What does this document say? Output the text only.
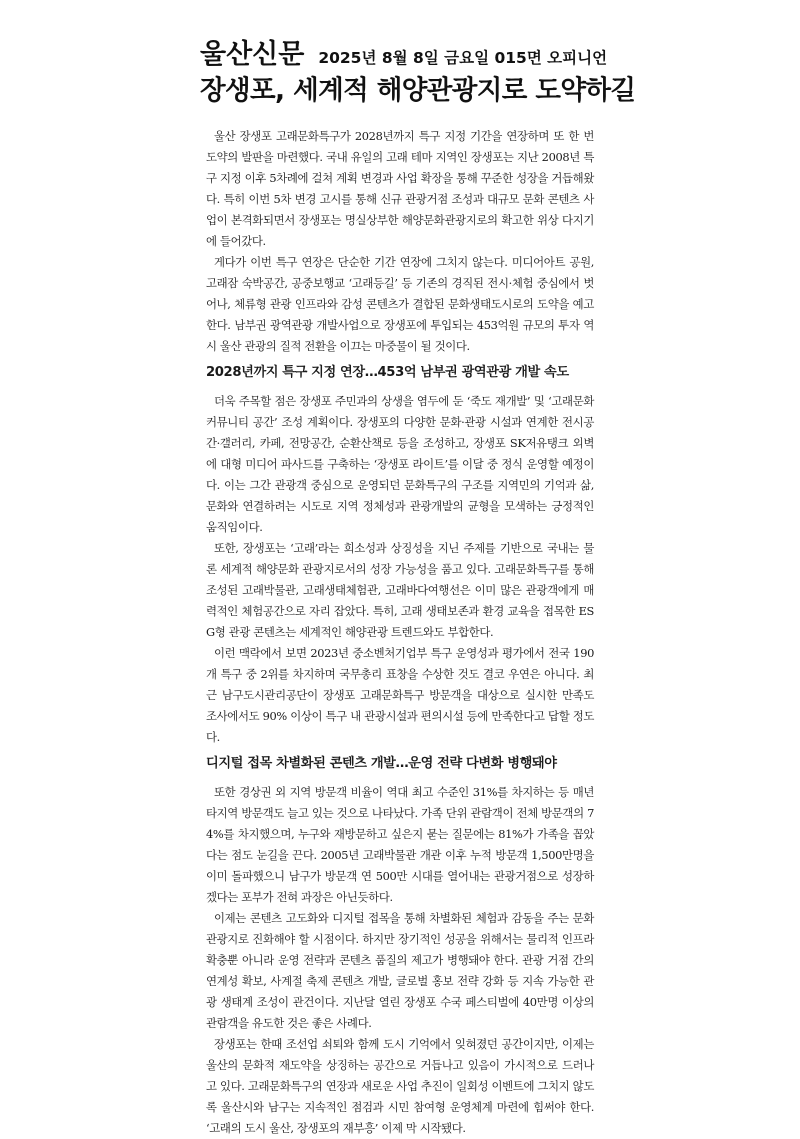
울산신문 2025년 8월 8일 금요일 015면 오피니언
장생포, 세계적 해양관광지로 도약하길

울산 장생포 고래문화특구가 2028년까지 특구 지정 기간을 연장하며 또 한 번 도약의 발판을 마련했다. 국내 유일의 고래 테마 지역인 장생포는 지난 2008년 특구 지정 이후 5차례에 걸쳐 계획 변경과 사업 확장을 통해 꾸준한 성장을 거듭해왔다. 특히 이번 5차 변경 고시를 통해 신규 관광거점 조성과 대규모 문화 콘텐츠 사업이 본격화되면서 장생포는 명실상부한 해양문화관광지로의 확고한 위상 다지기에 들어갔다.

게다가 이번 특구 연장은 단순한 기간 연장에 그치지 않는다. 미디어아트 공원, 고래잠 숙박공간, 공중보행교 ‘고래등길’ 등 기존의 경직된 전시·체험 중심에서 벗어나, 체류형 관광 인프라와 감성 콘텐츠가 결합된 문화생태도시로의 도약을 예고한다. 남부권 광역관광 개발사업으로 장생포에 투입되는 453억원 규모의 투자 역시 울산 관광의 질적 전환을 이끄는 마중물이 될 것이다.

2028년까지 특구 지정 연장…453억 남부권 광역관광 개발 속도

더욱 주목할 점은 장생포 주민과의 상생을 염두에 둔 ‘죽도 재개발’ 및 ‘고래문화 커뮤니티 공간’ 조성 계획이다. 장생포의 다양한 문화·관광 시설과 연계한 전시공간·갤러리, 카페, 전망공간, 순환산책로 등을 조성하고, 장생포 SK저유탱크 외벽에 대형 미디어 파사드를 구축하는 ‘장생포 라이트’를 이달 중 정식 운영할 예정이다. 이는 그간 관광객 중심으로 운영되던 문화특구의 구조를 지역민의 기억과 삶, 문화와 연결하려는 시도로 지역 정체성과 관광개발의 균형을 모색하는 긍정적인 움직임이다.

또한, 장생포는 ‘고래’라는 희소성과 상징성을 지닌 주제를 기반으로 국내는 물론 세계적 해양문화 관광지로서의 성장 가능성을 품고 있다. 고래문화특구를 통해 조성된 고래박물관, 고래생태체험관, 고래바다여행선은 이미 많은 관광객에게 매력적인 체험공간으로 자리 잡았다. 특히, 고래 생태보존과 환경 교육을 접목한 ESG형 관광 콘텐츠는 세계적인 해양관광 트렌드와도 부합한다.

이런 맥락에서 보면 2023년 중소벤처기업부 특구 운영성과 평가에서 전국 190개 특구 중 2위를 차지하며 국무총리 표창을 수상한 것도 결코 우연은 아니다. 최근 남구도시관리공단이 장생포 고래문화특구 방문객을 대상으로 실시한 만족도 조사에서도 90% 이상이 특구 내 관광시설과 편의시설 등에 만족한다고 답할 정도다.

디지털 접목 차별화된 콘텐츠 개발…운영 전략 다변화 병행돼야

또한 경상권 외 지역 방문객 비율이 역대 최고 수준인 31%를 차지하는 등 매년 타지역 방문객도 늘고 있는 것으로 나타났다. 가족 단위 관람객이 전체 방문객의 74%를 차지했으며, 누구와 재방문하고 싶은지 묻는 질문에는 81%가 가족을 꼽았다는 점도 눈길을 끈다. 2005년 고래박물관 개관 이후 누적 방문객 1,500만명을 이미 돌파했으니 남구가 방문객 연 500만 시대를 열어내는 관광거점으로 성장하겠다는 포부가 전혀 과장은 아닌듯하다.

이제는 콘텐츠 고도화와 디지털 접목을 통해 차별화된 체험과 감동을 주는 문화관광지로 진화해야 할 시점이다. 하지만 장기적인 성공을 위해서는 물리적 인프라 확충뿐 아니라 운영 전략과 콘텐츠 품질의 제고가 병행돼야 한다. 관광 거점 간의 연계성 확보, 사계절 축제 콘텐츠 개발, 글로벌 홍보 전략 강화 등 지속 가능한 관광 생태계 조성이 관건이다. 지난달 열린 장생포 수국 페스티벌에 40만명 이상의 관람객을 유도한 것은 좋은 사례다.

장생포는 한때 조선업 쇠퇴와 함께 도시 기억에서 잊혀졌던 공간이지만, 이제는 울산의 문화적 재도약을 상징하는 공간으로 거듭나고 있음이 가시적으로 드러나고 있다. 고래문화특구의 연장과 새로운 사업 추진이 일회성 이벤트에 그치지 않도록 울산시와 남구는 지속적인 점검과 시민 참여형 운영체계 마련에 힘써야 한다. ‘고래의 도시 울산, 장생포의 재부흥’ 이제 막 시작됐다.
